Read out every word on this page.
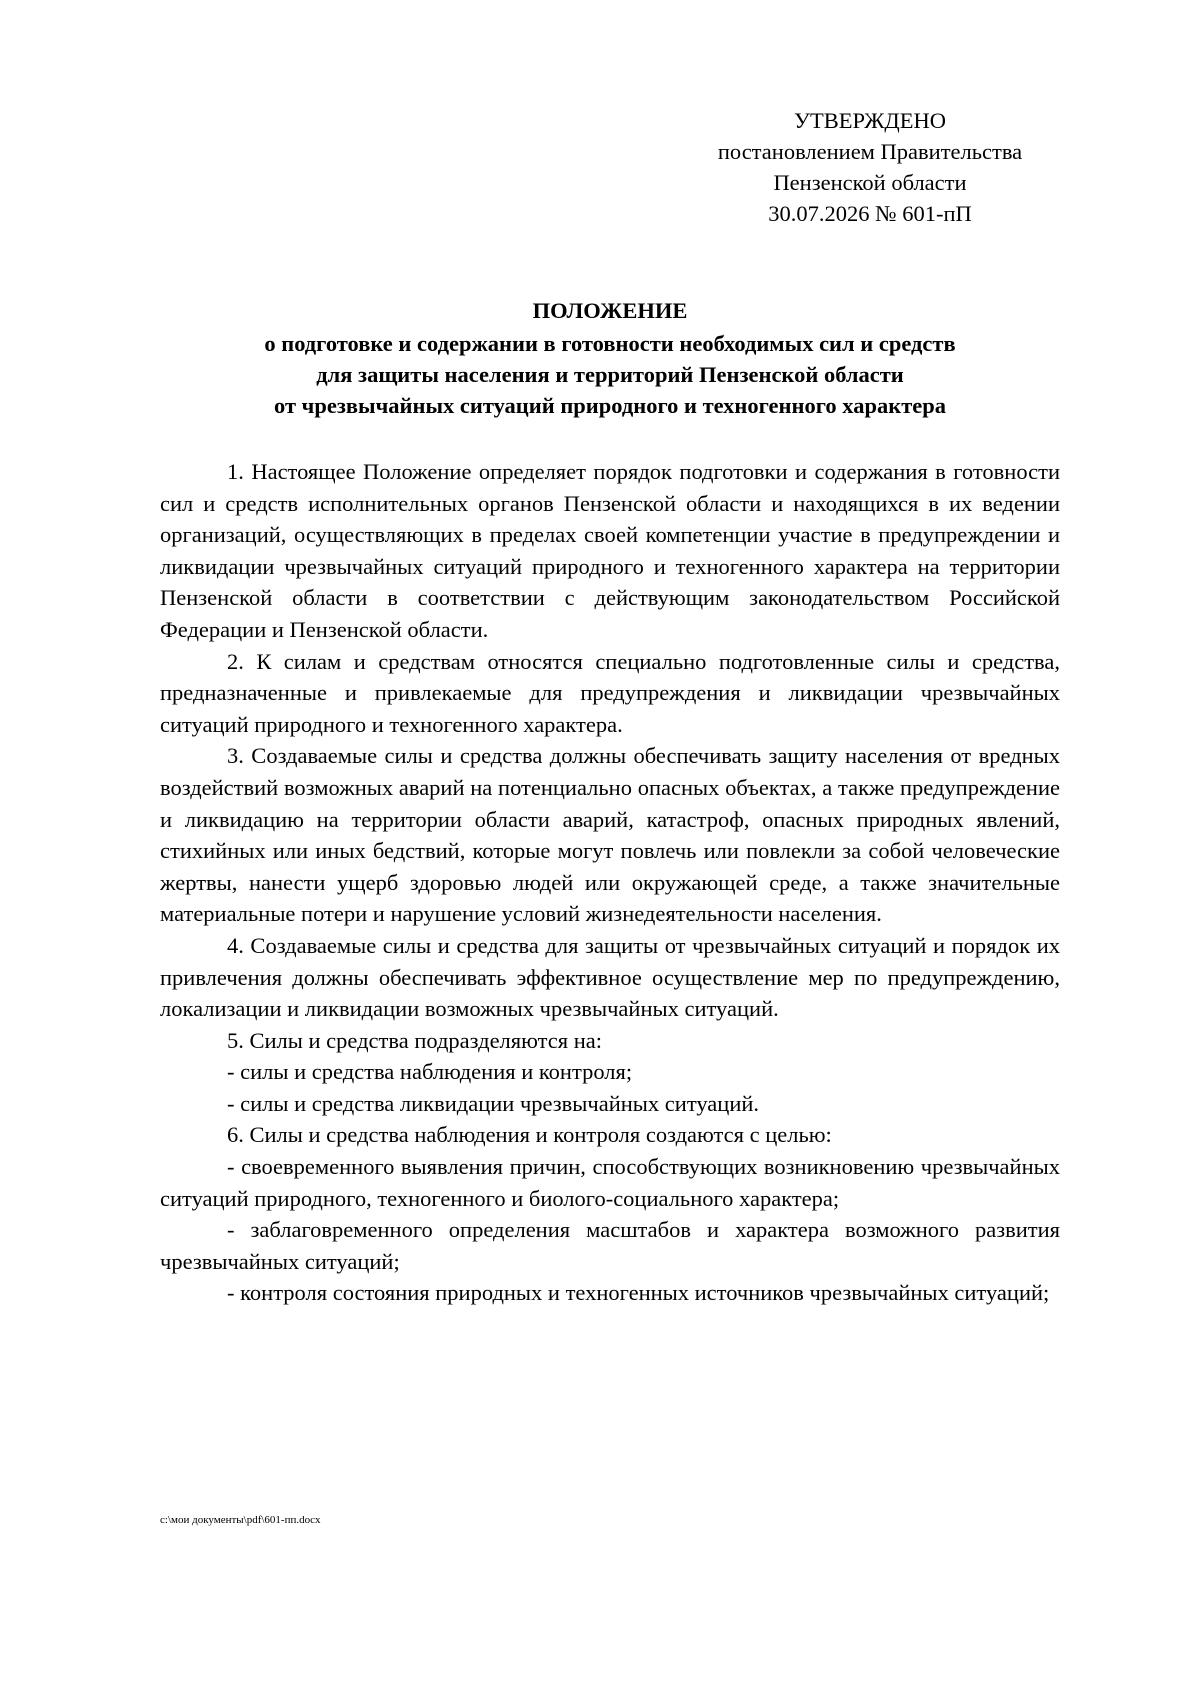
УТВЕРЖДЕНО
постановлением Правительства
Пензенской области
30.07.2026 № 601-пП
ПОЛОЖЕНИЕ
о подготовке и содержании в готовности необходимых сил и средств
для защиты населения и территорий Пензенской области
от чрезвычайных ситуаций природного и техногенного характера

1. Настоящее Положение определяет порядок подготовки и содержания в готовности сил и средств исполнительных органов Пензенской области и находящихся в их ведении организаций, осуществляющих в пределах своей компетенции участие в предупреждении и ликвидации чрезвычайных ситуаций природного и техногенного характера на территории Пензенской области в соответствии с действующим законодательством Российской Федерации и Пензенской области.

2. К силам и средствам относятся специально подготовленные силы и средства, предназначенные и привлекаемые для предупреждения и ликвидации чрезвычайных ситуаций природного и техногенного характера.

3. Создаваемые силы и средства должны обеспечивать защиту населения от вредных воздействий возможных аварий на потенциально опасных объектах, а также предупреждение и ликвидацию на территории области аварий, катастроф, опасных природных явлений, стихийных или иных бедствий, которые могут повлечь или повлекли за собой человеческие жертвы, нанести ущерб здоровью людей или окружающей среде, а также значительные материальные потери и нарушение условий жизнедеятельности населения.

4. Создаваемые силы и средства для защиты от чрезвычайных ситуаций и порядок их привлечения должны обеспечивать эффективное осуществление мер по предупреждению, локализации и ликвидации возможных чрезвычайных ситуаций.

5. Силы и средства подразделяются на:

- силы и средства наблюдения и контроля;

- силы и средства ликвидации чрезвычайных ситуаций.

6. Силы и средства наблюдения и контроля создаются с целью:

- своевременного выявления причин, способствующих возникновению чрезвычайных ситуаций природного, техногенного и биолого-социального характера;

- заблаговременного определения масштабов и характера возможного развития чрезвычайных ситуаций;

- контроля состояния природных и техногенных источников чрезвычайных ситуаций;

c:\мои документы\pdf\601-пп.docx
